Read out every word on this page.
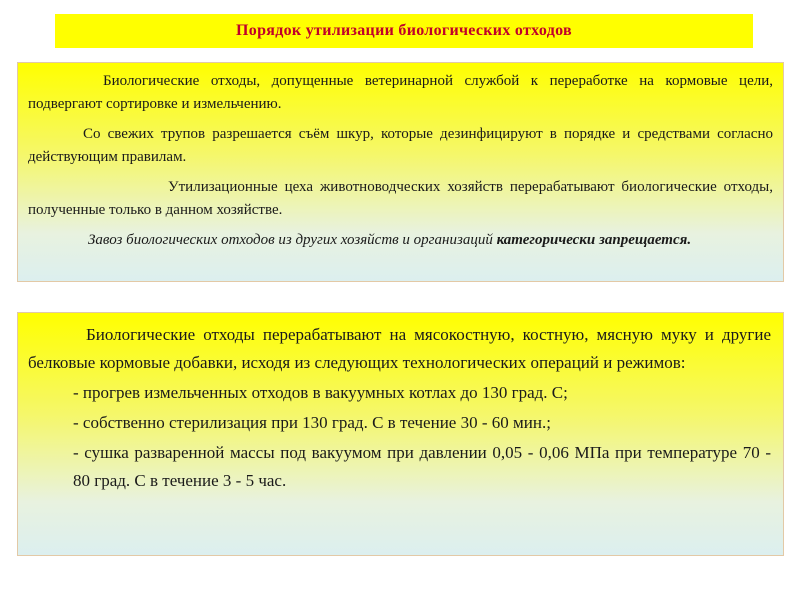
Порядок утилизации биологических отходов

Биологические отходы, допущенные ветеринарной службой к переработке на кормовые цели, подвергают сортировке и измельчению.

Со свежих трупов разрешается съём шкур, которые дезинфицируют в порядке и средствами согласно действующим правилам.

Утилизационные цеха животноводческих хозяйств перерабатывают биологические отходы, полученные только в данном хозяйстве.

Завоз биологических отходов из других хозяйств и организаций категорически запрещается.

Биологические отходы перерабатывают на мясокостную, костную, мясную муку и другие белковые кормовые добавки, исходя из следующих технологических операций и режимов:

- прогрев измельченных отходов в вакуумных котлах до 130 град. С;

- собственно стерилизация при 130 град. С в течение 30 - 60 мин.;

- сушка разваренной массы под вакуумом при давлении 0,05 - 0,06 МПа при температуре 70 - 80 град. С в течение 3 - 5 час.
